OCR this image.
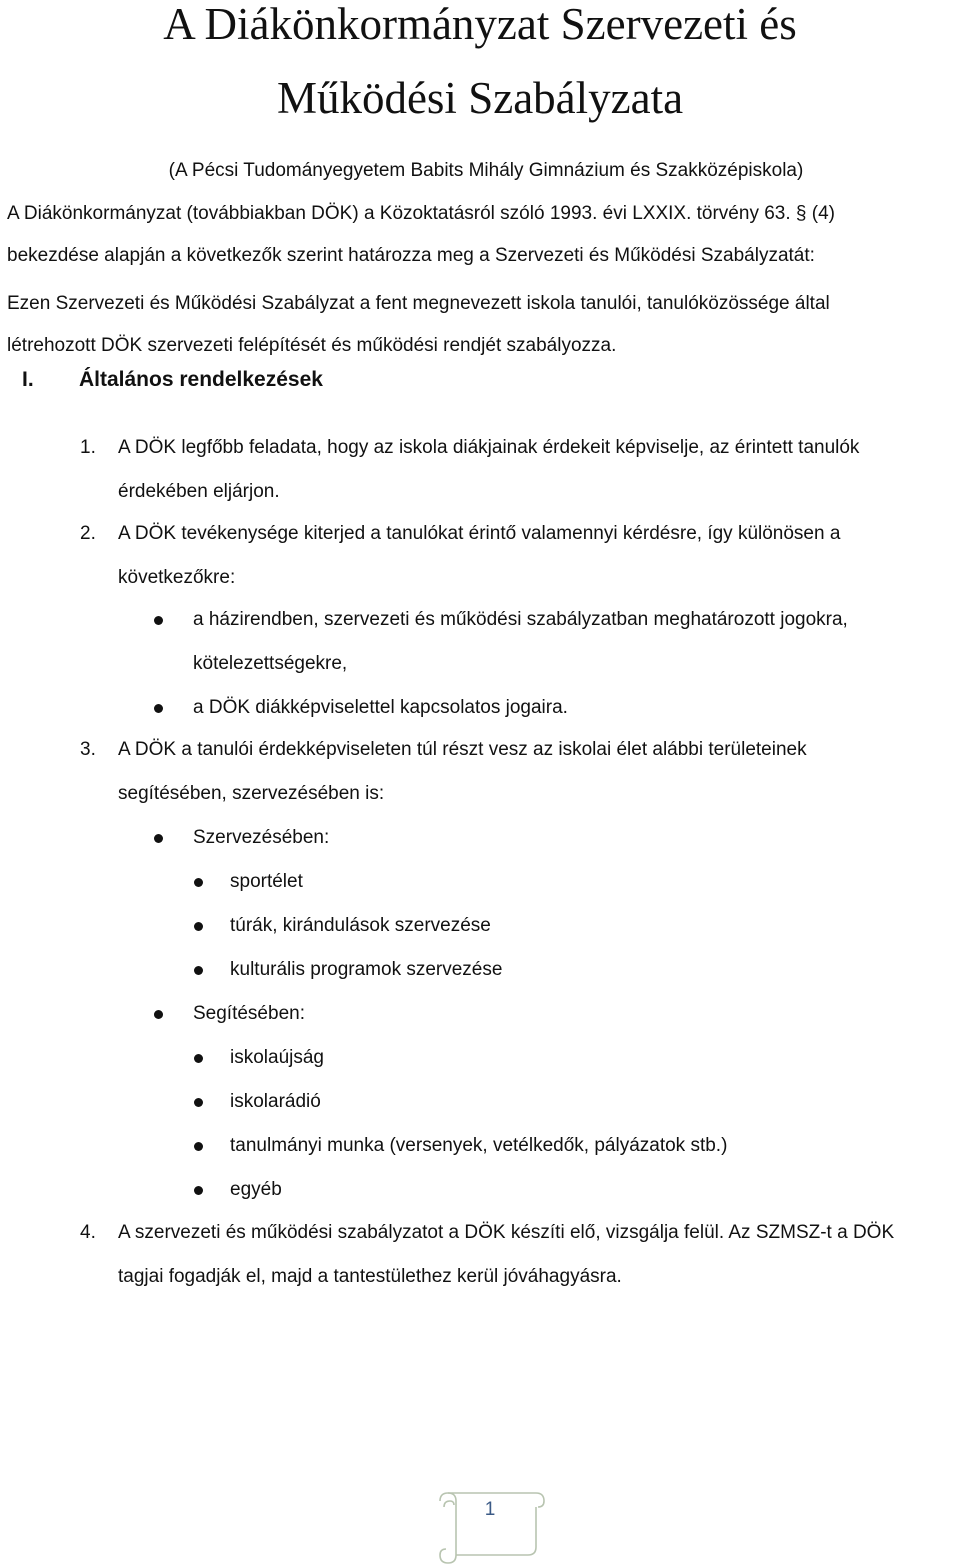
A Diákönkormányzat Szervezeti és
Működési Szabályzata
(A Pécsi Tudományegyetem Babits Mihály Gimnázium és Szakközépiskola)
A Diákönkormányzat (továbbiakban DÖK) a Közoktatásról szóló 1993. évi LXXIX. törvény 63. § (4)
bekezdése alapján a következők szerint határozza meg a Szervezeti és Működési Szabályzatát:
Ezen Szervezeti és Működési Szabályzat a fent megnevezett iskola tanulói, tanulóközössége által
létrehozott DÖK szervezeti felépítését és működési rendjét szabályozza.
I. Általános rendelkezések
1. A DÖK legfőbb feladata, hogy az iskola diákjainak érdekeit képviselje, az érintett tanulók
érdekében eljárjon.
2. A DÖK tevékenysége kiterjed a tanulókat érintő valamennyi kérdésre, így különösen a
következőkre:
a házirendben, szervezeti és működési szabályzatban meghatározott jogokra,
kötelezettségekre,
a DÖK diákképviselettel kapcsolatos jogaira.
3. A DÖK a tanulói érdekképviseleten túl részt vesz az iskolai élet alábbi területeinek
segítésében, szervezésében is:
Szervezésében:
sportélet
túrák, kirándulások szervezése
kulturális programok szervezése
Segítésében:
iskolaújság
iskolarádió
tanulmányi munka (versenyek, vetélkedők, pályázatok stb.)
egyéb
4. A szervezeti és működési szabályzatot a DÖK készíti elő, vizsgálja felül. Az SZMSZ-t a DÖK
tagjai fogadják el, majd a tantestülethez kerül jóváhagyásra.
1
